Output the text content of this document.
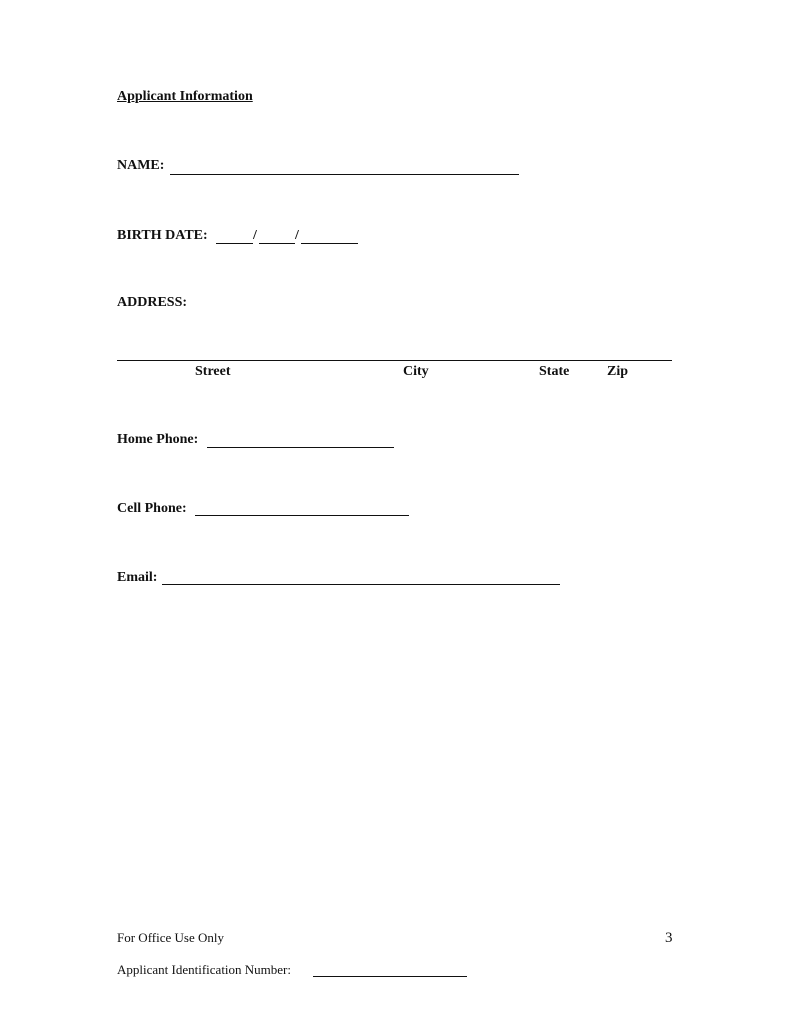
Applicant Information
NAME:
BIRTH DATE:	/	/
ADDRESS:
Street	City	State	Zip
Home Phone:
Cell Phone:
Email:
For Office Use Only	3
Applicant Identification Number:
